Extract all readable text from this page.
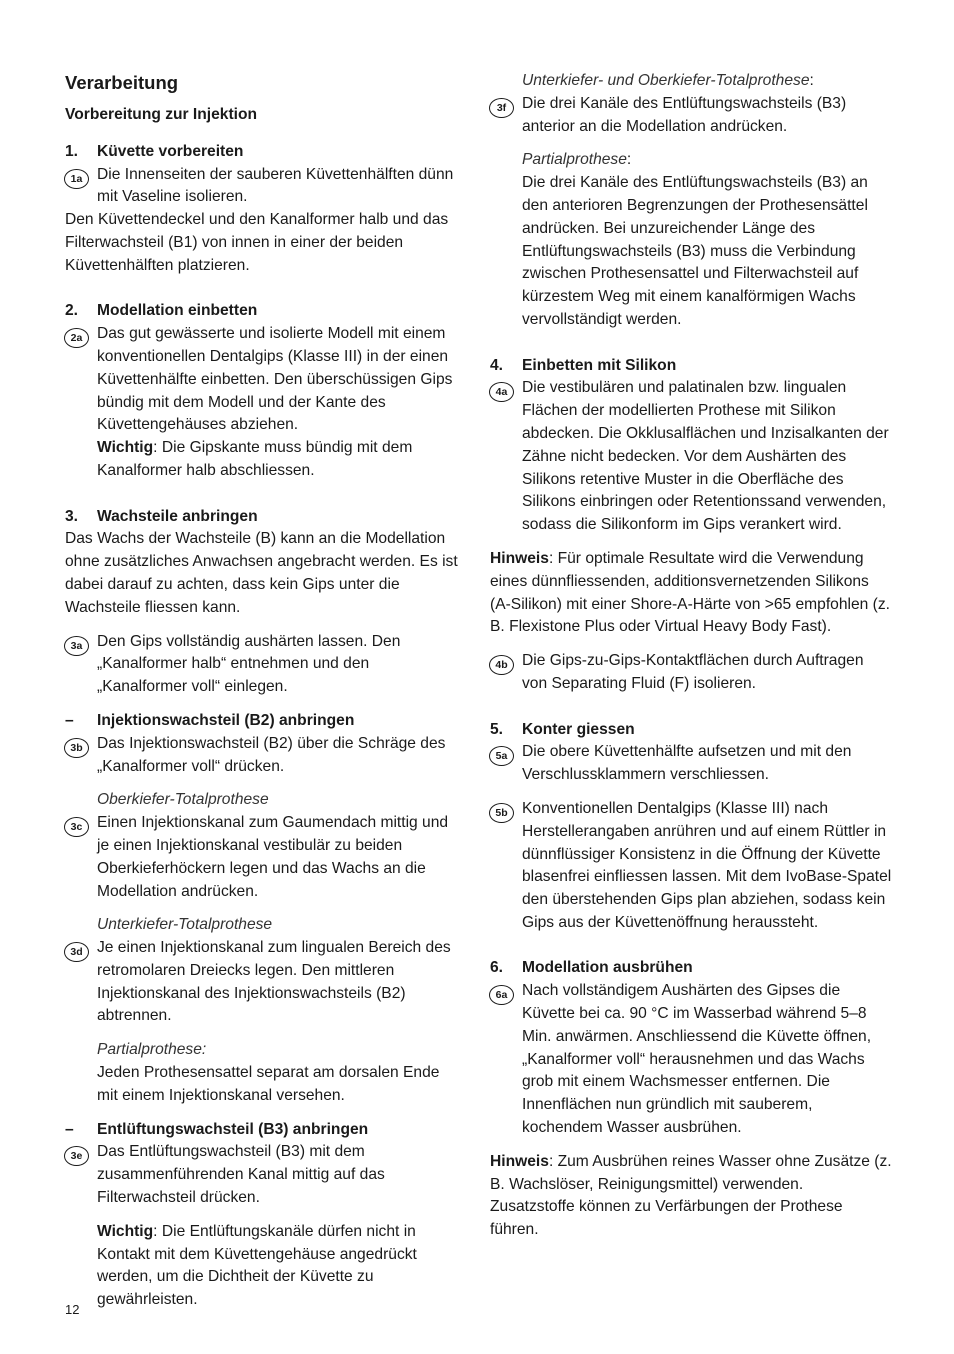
Verarbeitung
Vorbereitung zur Injektion
1.	Küvette vorbereiten
1a Die Innenseiten der sauberen Küvettenhälften dünn mit Vaseline isolieren.

Den Küvettendeckel und den Kanalformer halb und das Filterwachsteil (B1) von innen in einer der beiden Küvettenhälften platzieren.

2.	Modellation einbetten
2a Das gut gewässerte und isolierte Modell mit einem konventionellen Dentalgips (Klasse III) in der einen Küvettenhälfte einbetten. Den überschüssigen Gips bündig mit dem Modell und der Kante des Küvettengehäuses abziehen.

Wichtig: Die Gipskante muss bündig mit dem Kanalformer halb abschliessen.

3.	Wachsteile anbringen

Das Wachs der Wachsteile (B) kann an die Modellation ohne zusätzliches Anwachsen angebracht werden. Es ist dabei darauf zu achten, dass kein Gips unter die Wachsteile fliessen kann.

3a Den Gips vollständig aushärten lassen. Den „Kanalformer halb“ entnehmen und den „Kanalformer voll“ einlegen.

–	Injektionswachsteil (B2) anbringen
3b Das Injektionswachsteil (B2) über die Schräge des „Kanalformer voll“ drücken.

Oberkiefer-Totalprothese

3c Einen Injektionskanal zum Gaumendach mittig und je einen Injektionskanal vestibulär zu beiden Oberkieferhöckern legen und das Wachs an die Modellation andrücken.

Unterkiefer-Totalprothese

3d Je einen Injektionskanal zum lingualen Bereich des retromolaren Dreiecks legen. Den mittleren Injektionskanal des Injektionswachsteils (B2) abtrennen.

Partialprothese:

Jeden Prothesensattel separat am dorsalen Ende mit einem Injektionskanal versehen.

–	Entlüftungswachsteil (B3) anbringen
3e Das Entlüftungswachsteil (B3) mit dem zusammenführenden Kanal mittig auf das Filterwachsteil drücken.

Wichtig: Die Entlüftungskanäle dürfen nicht in Kontakt mit dem Küvettengehäuse angedrückt werden, um die Dichtheit der Küvette zu gewährleisten.

Unterkiefer- und Oberkiefer-Totalprothese:

3f	Die drei Kanäle des Entlüftungswachsteils (B3) anterior an die Modellation andrücken.

Partialprothese:

Die drei Kanäle des Entlüftungswachsteils (B3) an den anterioren Begrenzungen der Prothesensättel andrücken. Bei unzureichender Länge des Entlüftungswachsteils (B3) muss die Verbindung zwischen Prothesensattel und Filterwachsteil auf kürzestem Weg mit einem kanalförmigen Wachs vervollständigt werden.

4.	Einbetten mit Silikon
4a Die vestibulären und palatinalen bzw. lingualen Flächen der modellierten Prothese mit Silikon abdecken. Die Okklusalflächen und Inzisalkanten der Zähne nicht bedecken. Vor dem Aushärten des Silikons retentive Muster in die Oberfläche des Silikons einbringen oder Retentionssand verwenden, sodass die Silikonform im Gips verankert wird.

Hinweis: Für optimale Resultate wird die Verwendung eines dünnfliessenden, additionsvernetzenden Silikons (A-Silikon) mit einer Shore-A-Härte von >65 empfohlen (z. B. Flexistone Plus oder Virtual Heavy Body Fast).

4b Die Gips-zu-Gips-Kontaktflächen durch Auftragen von Separating Fluid (F) isolieren.

5.	Konter giessen
5a Die obere Küvettenhälfte aufsetzen und mit den Verschlussklammern verschliessen.

5b Konventionellen Dentalgips (Klasse III) nach Herstellerangaben anrühren und auf einem Rüttler in dünnflüssiger Konsistenz in die Öffnung der Küvette blasenfrei einfliessen lassen. Mit dem IvoBase-Spatel den überstehenden Gips plan abziehen, sodass kein Gips aus der Küvettenöffnung heraussteht.

6.	Modellation ausbrühen
6a Nach vollständigem Aushärten des Gipses die Küvette bei ca. 90 °C im Wasserbad während 5–8 Min. anwärmen. Anschliessend die Küvette öffnen, „Kanalformer voll“ herausnehmen und das Wachs grob mit einem Wachsmesser entfernen. Die Innenflächen nun gründlich mit sauberem, kochendem Wasser ausbrühen.

Hinweis: Zum Ausbrühen reines Wasser ohne Zusätze (z. B. Wachslöser, Reinigungsmittel) verwenden. Zusatzstoffe können zu Verfärbungen der Prothese führen.

12
